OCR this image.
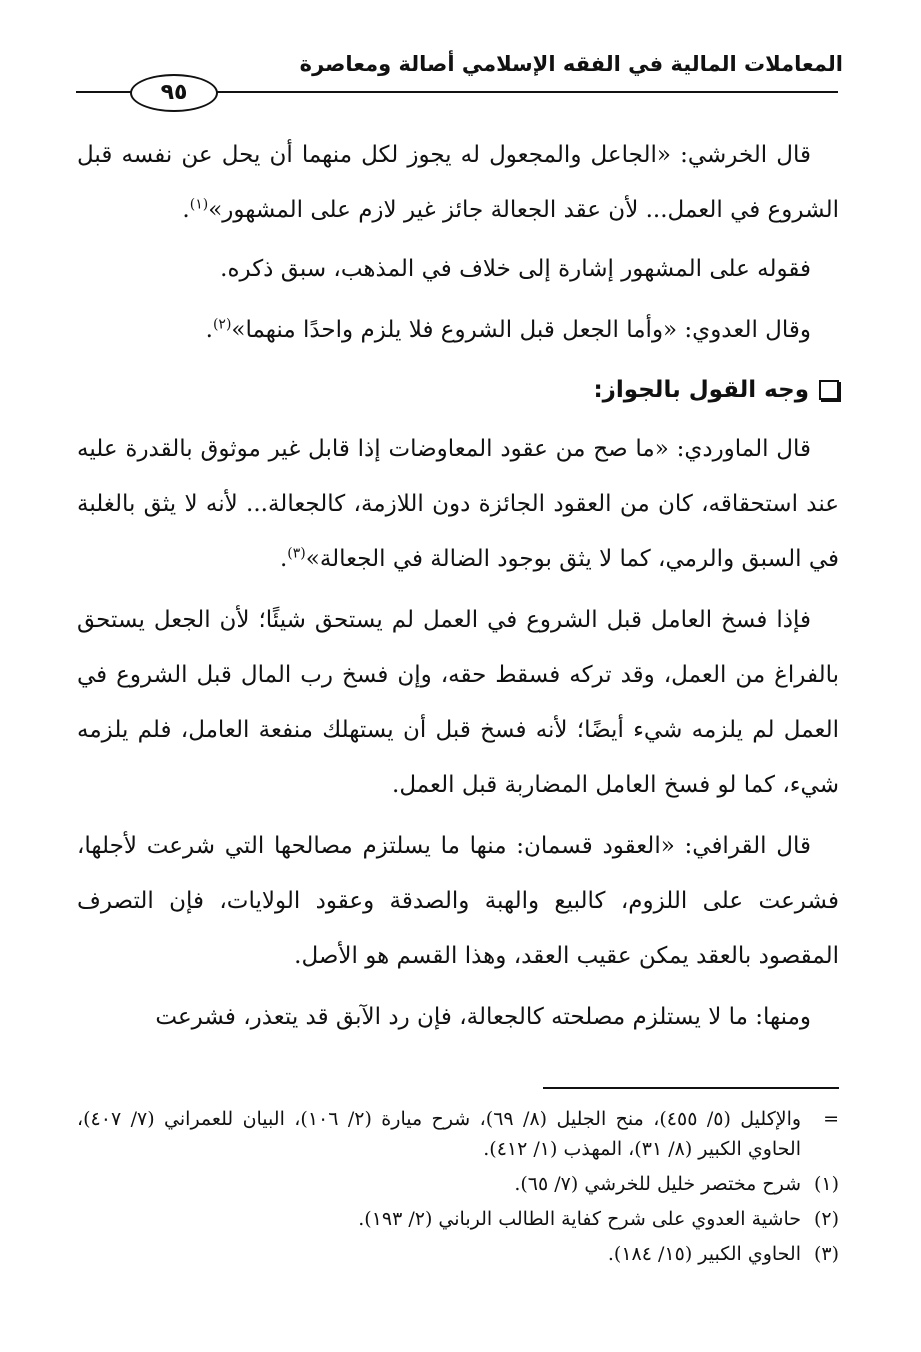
المعاملات المالية في الفقه الإسلامي أصالة ومعاصرة
٩٥

قال الخرشي: «الجاعل والمجعول له يجوز لكل منهما أن يحل عن نفسه قبل الشروع في العمل... لأن عقد الجعالة جائز غير لازم على المشهور»$^{(١)}$.

فقوله على المشهور إشارة إلى خلاف في المذهب، سبق ذكره.

وقال العدوي: «وأما الجعل قبل الشروع فلا يلزم واحدًا منهما»$^{(٢)}$.

وجه القول بالجواز:

قال الماوردي: «ما صح من عقود المعاوضات إذا قابل غير موثوق بالقدرة عليه عند استحقاقه، كان من العقود الجائزة دون اللازمة، كالجعالة... لأنه لا يثق بالغلبة في السبق والرمي، كما لا يثق بوجود الضالة في الجعالة»$^{(٣)}$.

فإذا فسخ العامل قبل الشروع في العمل لم يستحق شيئًا؛ لأن الجعل يستحق بالفراغ من العمل، وقد تركه فسقط حقه، وإن فسخ رب المال قبل الشروع في العمل لم يلزمه شيء أيضًا؛ لأنه فسخ قبل أن يستهلك منفعة العامل، فلم يلزمه شيء، كما لو فسخ العامل المضاربة قبل العمل.

قال القرافي: «العقود قسمان: منها ما يسلتزم مصالحها التي شرعت لأجلها، فشرعت على اللزوم، كالبيع والهبة والصدقة وعقود الولايات، فإن التصرف المقصود بالعقد يمكن عقيب العقد، وهذا القسم هو الأصل.

ومنها: ما لا يستلزم مصلحته كالجعالة، فإن رد الآبق قد يتعذر، فشرعت

=
والإكليل (٥/ ٤٥٥)، منح الجليل (٨/ ٦٩)، شرح ميارة (٢/ ١٠٦)، البيان للعمراني (٧/ ٤٠٧)، الحاوي الكبير (٨/ ٣١)، المهذب (١/ ٤١٢).
(١)
شرح مختصر خليل للخرشي (٧/ ٦٥).
(٢)
حاشية العدوي على شرح كفاية الطالب الرباني (٢/ ١٩٣).
(٣)
الحاوي الكبير (١٥/ ١٨٤).
